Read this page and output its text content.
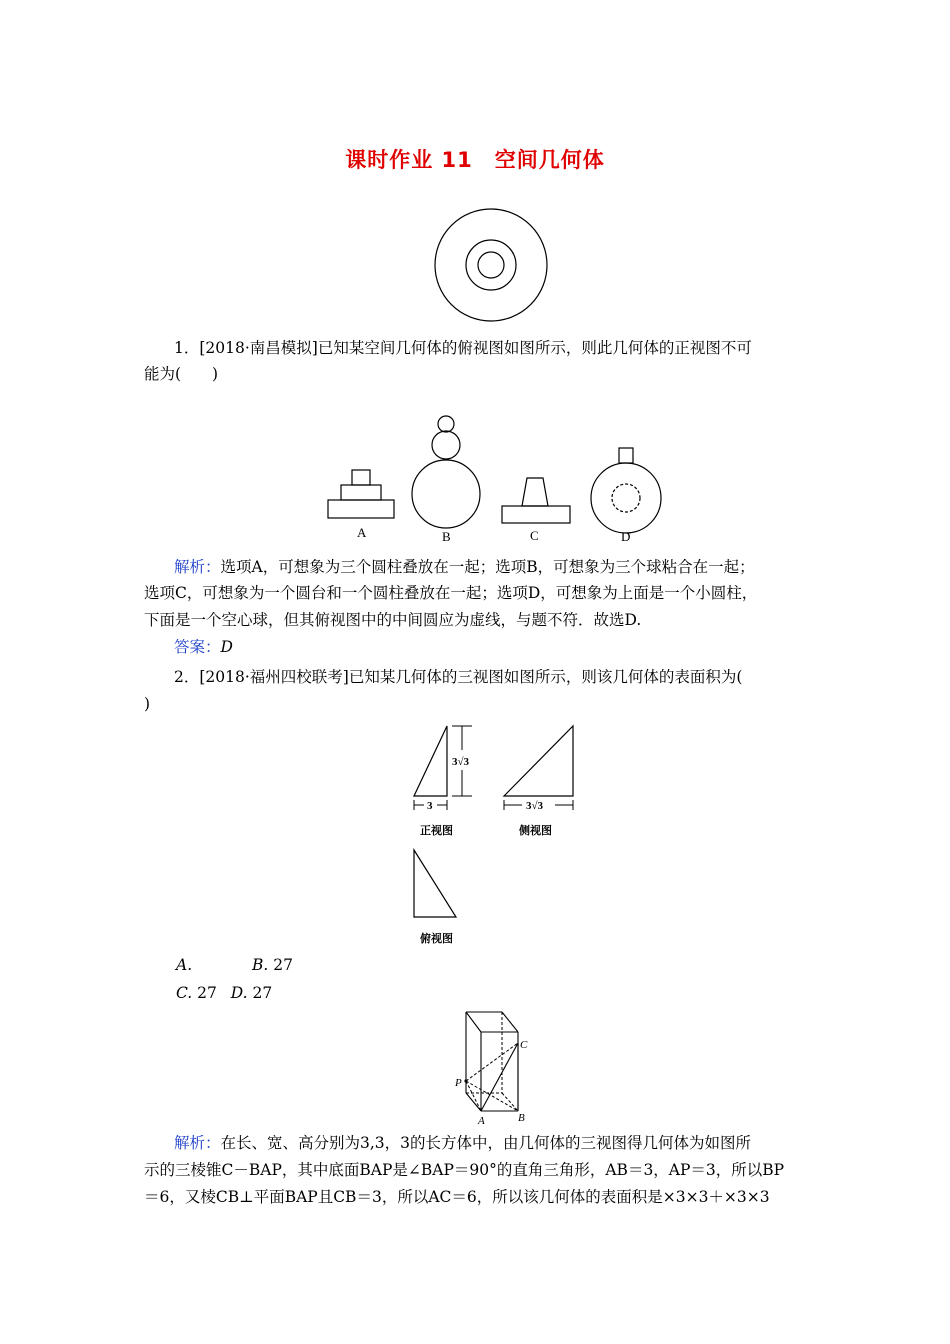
课时作业 11　空间几何体
1．[2018·南昌模拟]已知某空间几何体的俯视图如图所示，则此几何体的正视图不可
能为(　　)
A	B	C	D
解析：选项A，可想象为三个圆柱叠放在一起；选项B，可想象为三个球粘合在一起；
选项C，可想象为一个圆台和一个圆柱叠放在一起；选项D，可想象为上面是一个小圆柱，
下面是一个空心球，但其俯视图中的中间圆应为虚线，与题不符．故选D.
答案：D
2．[2018·福州四校联考]已知某几何体的三视图如图所示，则该几何体的表面积为(
)
3
3√3
正视图
3√3
侧视图
俯视图
A.	B. 27
C. 27 D. 27
C
P
A	B
解析：在长、宽、高分别为3,3，3的长方体中，由几何体的三视图得几何体为如图所
示的三棱锥C－BAP，其中底面BAP是∠BAP＝90°的直角三角形，AB＝3，AP＝3，所以BP
＝6，又棱CB⊥平面BAP且CB＝3，所以AC＝6，所以该几何体的表面积是×3×3＋×3×3
